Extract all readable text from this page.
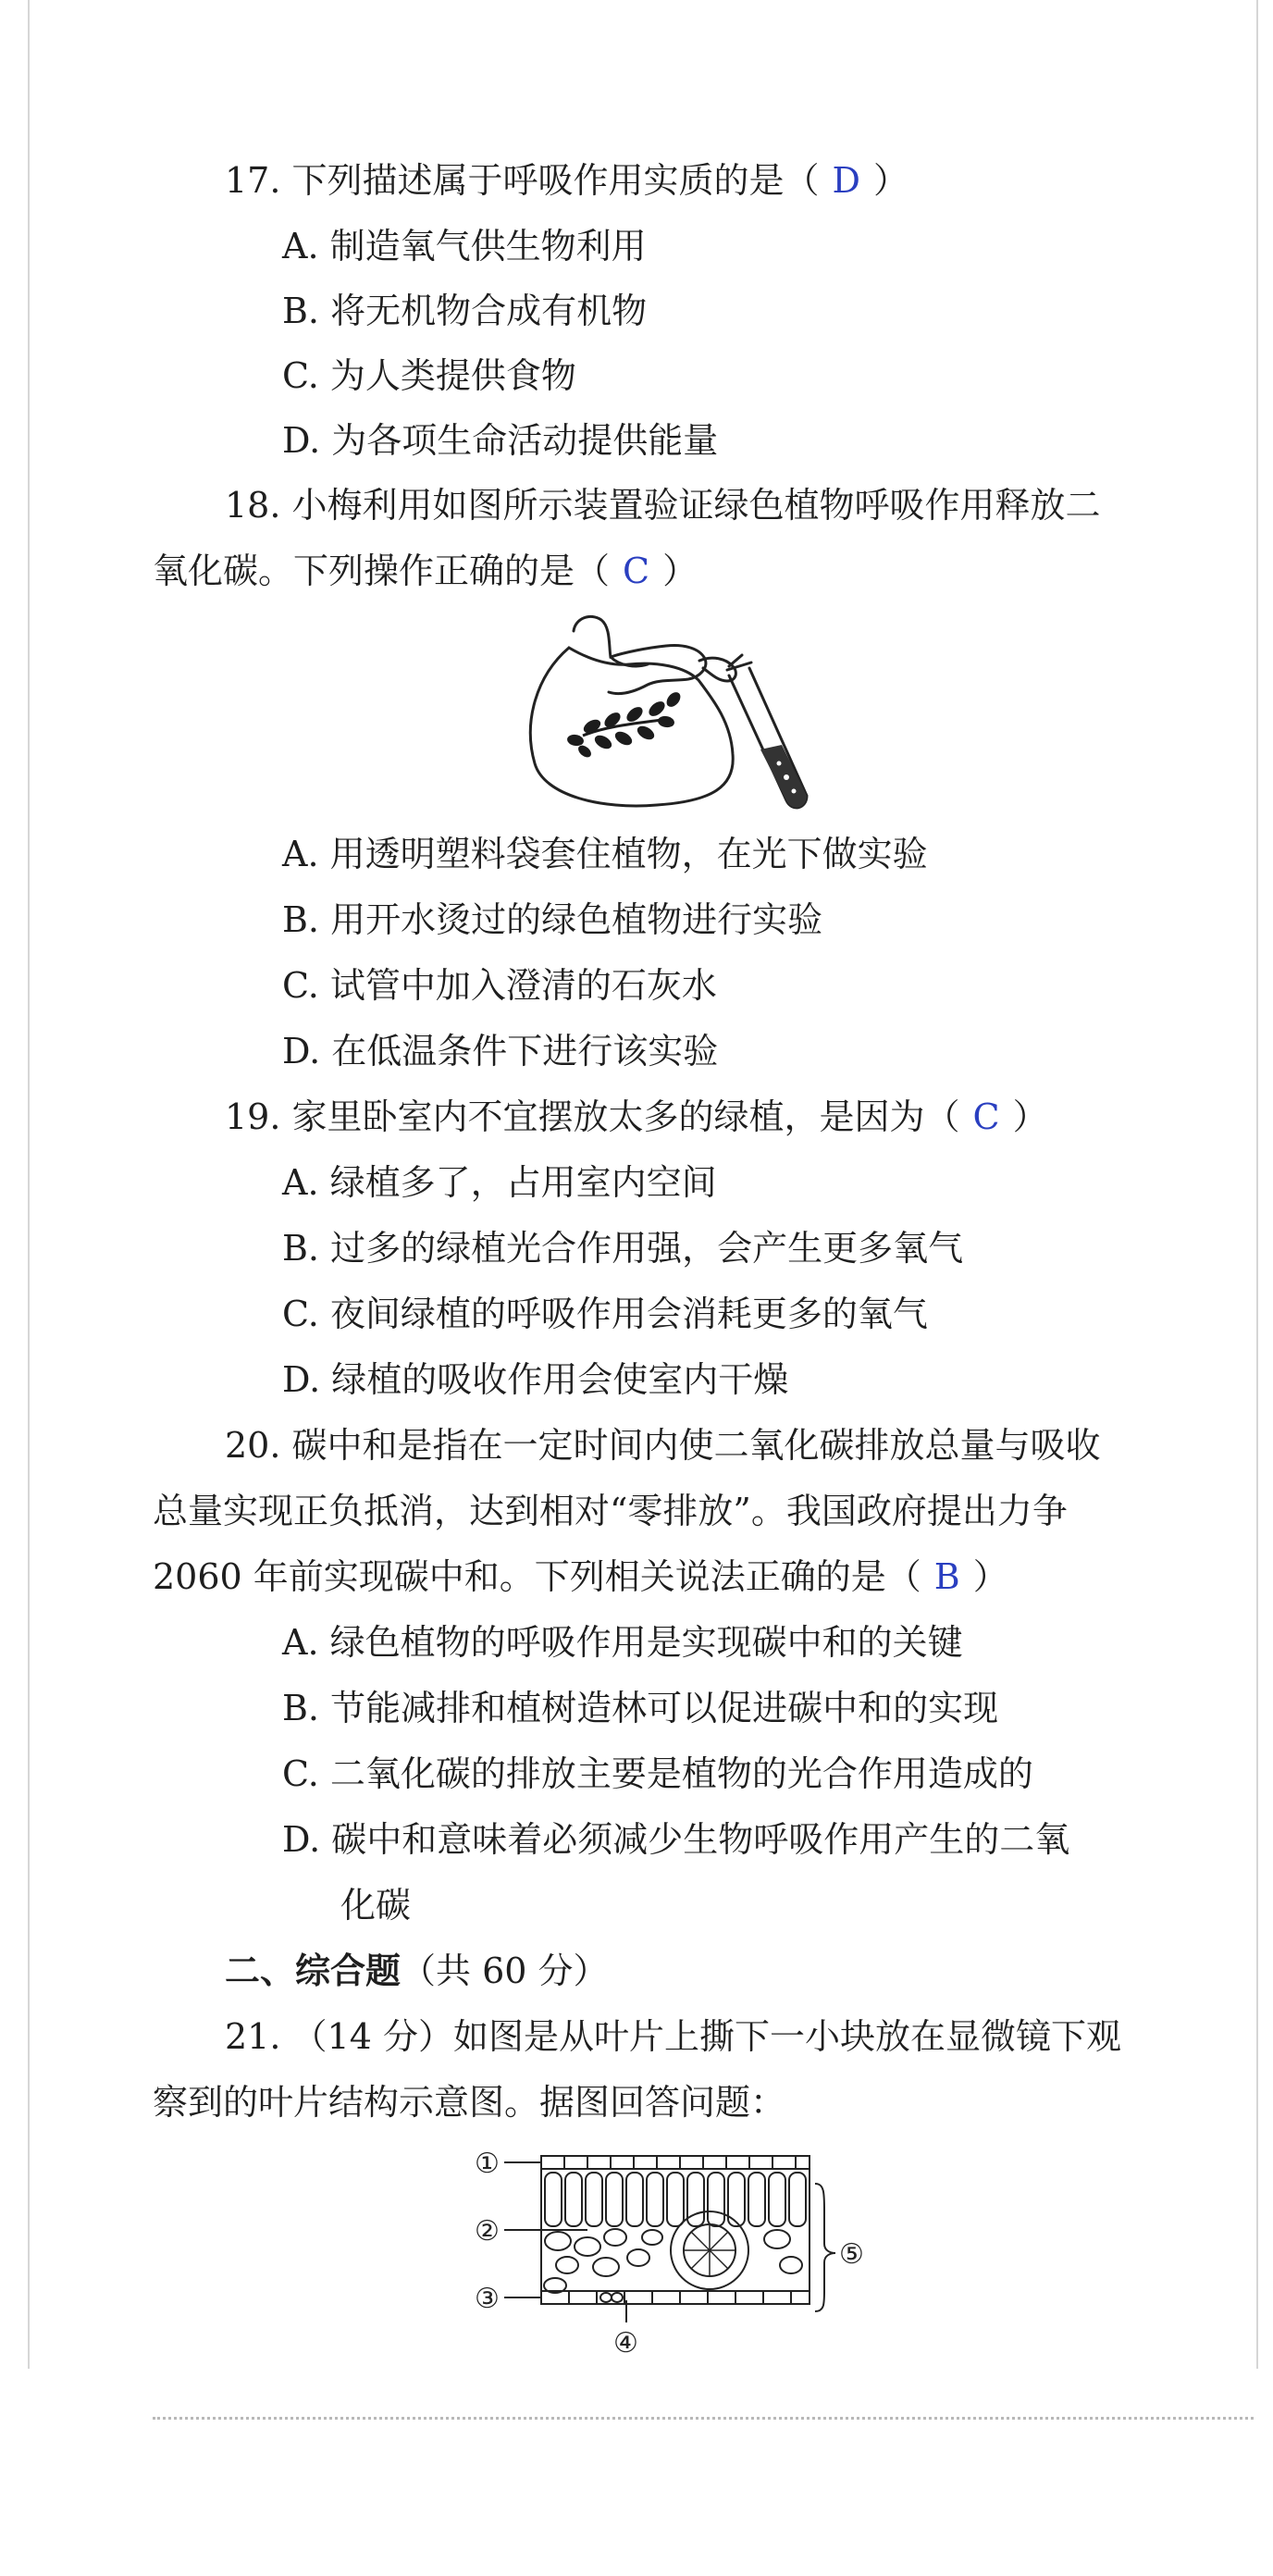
17. 下列描述属于呼吸作用实质的是（ D ）
A. 制造氧气供生物利用
B. 将无机物合成有机物
C. 为人类提供食物
D. 为各项生命活动提供能量
18. 小梅利用如图所示装置验证绿色植物呼吸作用释放二
氧化碳。下列操作正确的是（ C ）
A. 用透明塑料袋套住植物，在光下做实验
B. 用开水烫过的绿色植物进行实验
C. 试管中加入澄清的石灰水
D. 在低温条件下进行该实验
19. 家里卧室内不宜摆放太多的绿植，是因为（ C ）
A. 绿植多了，占用室内空间
B. 过多的绿植光合作用强，会产生更多氧气
C. 夜间绿植的呼吸作用会消耗更多的氧气
D. 绿植的吸收作用会使室内干燥
20. 碳中和是指在一定时间内使二氧化碳排放总量与吸收
总量实现正负抵消，达到相对“零排放”。我国政府提出力争
2060 年前实现碳中和。下列相关说法正确的是（ B ）
A. 绿色植物的呼吸作用是实现碳中和的关键
B. 节能减排和植树造林可以促进碳中和的实现
C. 二氧化碳的排放主要是植物的光合作用造成的
D. 碳中和意味着必须减少生物呼吸作用产生的二氧
化碳
二、综合题（共 60 分）
21. （14 分）如图是从叶片上撕下一小块放在显微镜下观
察到的叶片结构示意图。据图回答问题：
①
②
③
④
⑤
